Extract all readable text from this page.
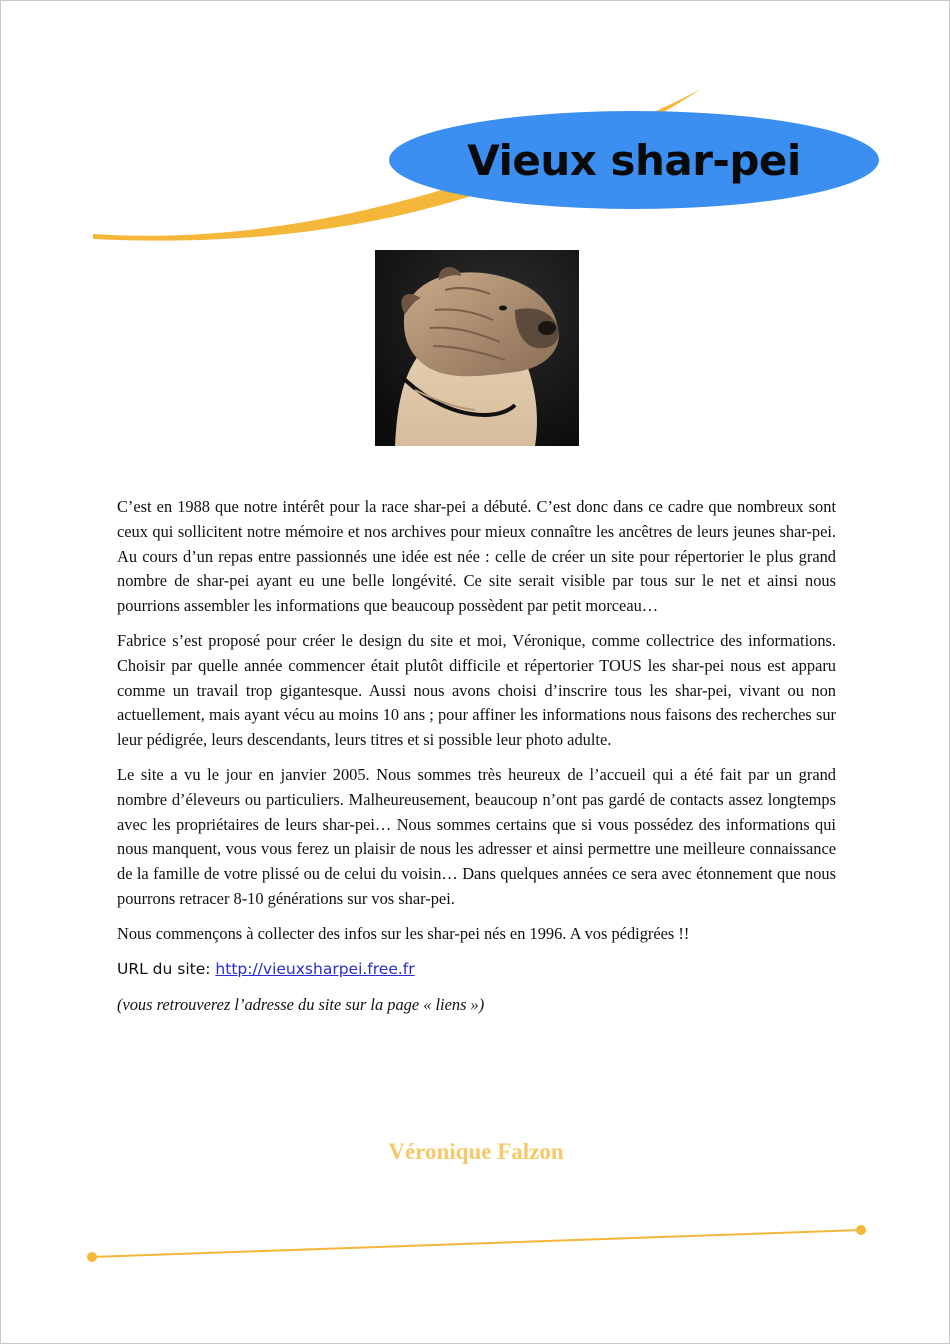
Vieux shar-pei

C’est en 1988 que notre intérêt pour la race shar-pei a débuté. C’est donc dans ce cadre que nombreux sont ceux qui sollicitent notre mémoire et nos archives pour mieux connaître les ancêtres de leurs jeunes shar-pei. Au cours d’un repas entre passionnés une idée est née : celle de créer un site pour répertorier le plus grand nombre de shar-pei ayant eu une belle longévité. Ce site serait visible par tous sur le net et ainsi nous pourrions assembler les informations que beaucoup possèdent par petit morceau…

Fabrice s’est proposé pour créer le design du site et moi, Véronique, comme collectrice des informations. Choisir par quelle année commencer était plutôt difficile et répertorier TOUS les shar-pei nous est apparu comme un travail trop gigantesque. Aussi nous avons choisi d’inscrire tous les shar-pei, vivant ou non actuellement, mais ayant vécu au moins 10 ans ; pour affiner les informations nous faisons des recherches sur leur pédigrée, leurs descendants, leurs titres et si possible leur photo adulte.

Le site a vu le jour en janvier 2005. Nous sommes très heureux de l’accueil qui a été fait par un grand nombre d’éleveurs ou particuliers. Malheureusement, beaucoup n’ont pas gardé de contacts assez longtemps avec les propriétaires de leurs shar-pei… Nous sommes certains que si vous possédez des informations qui nous manquent, vous vous ferez un plaisir de nous les adresser et ainsi permettre une meilleure connaissance de la famille de votre plissé ou de celui du voisin… Dans quelques années ce sera avec étonnement que nous pourrons retracer 8-10 générations sur vos shar-pei.

Nous commençons à collecter des infos sur les shar-pei nés en 1996. A vos pédigrées !!

URL du site: http://vieuxsharpei.free.fr

(vous retrouverez l’adresse du site sur la page « liens »)

Véronique Falzon
